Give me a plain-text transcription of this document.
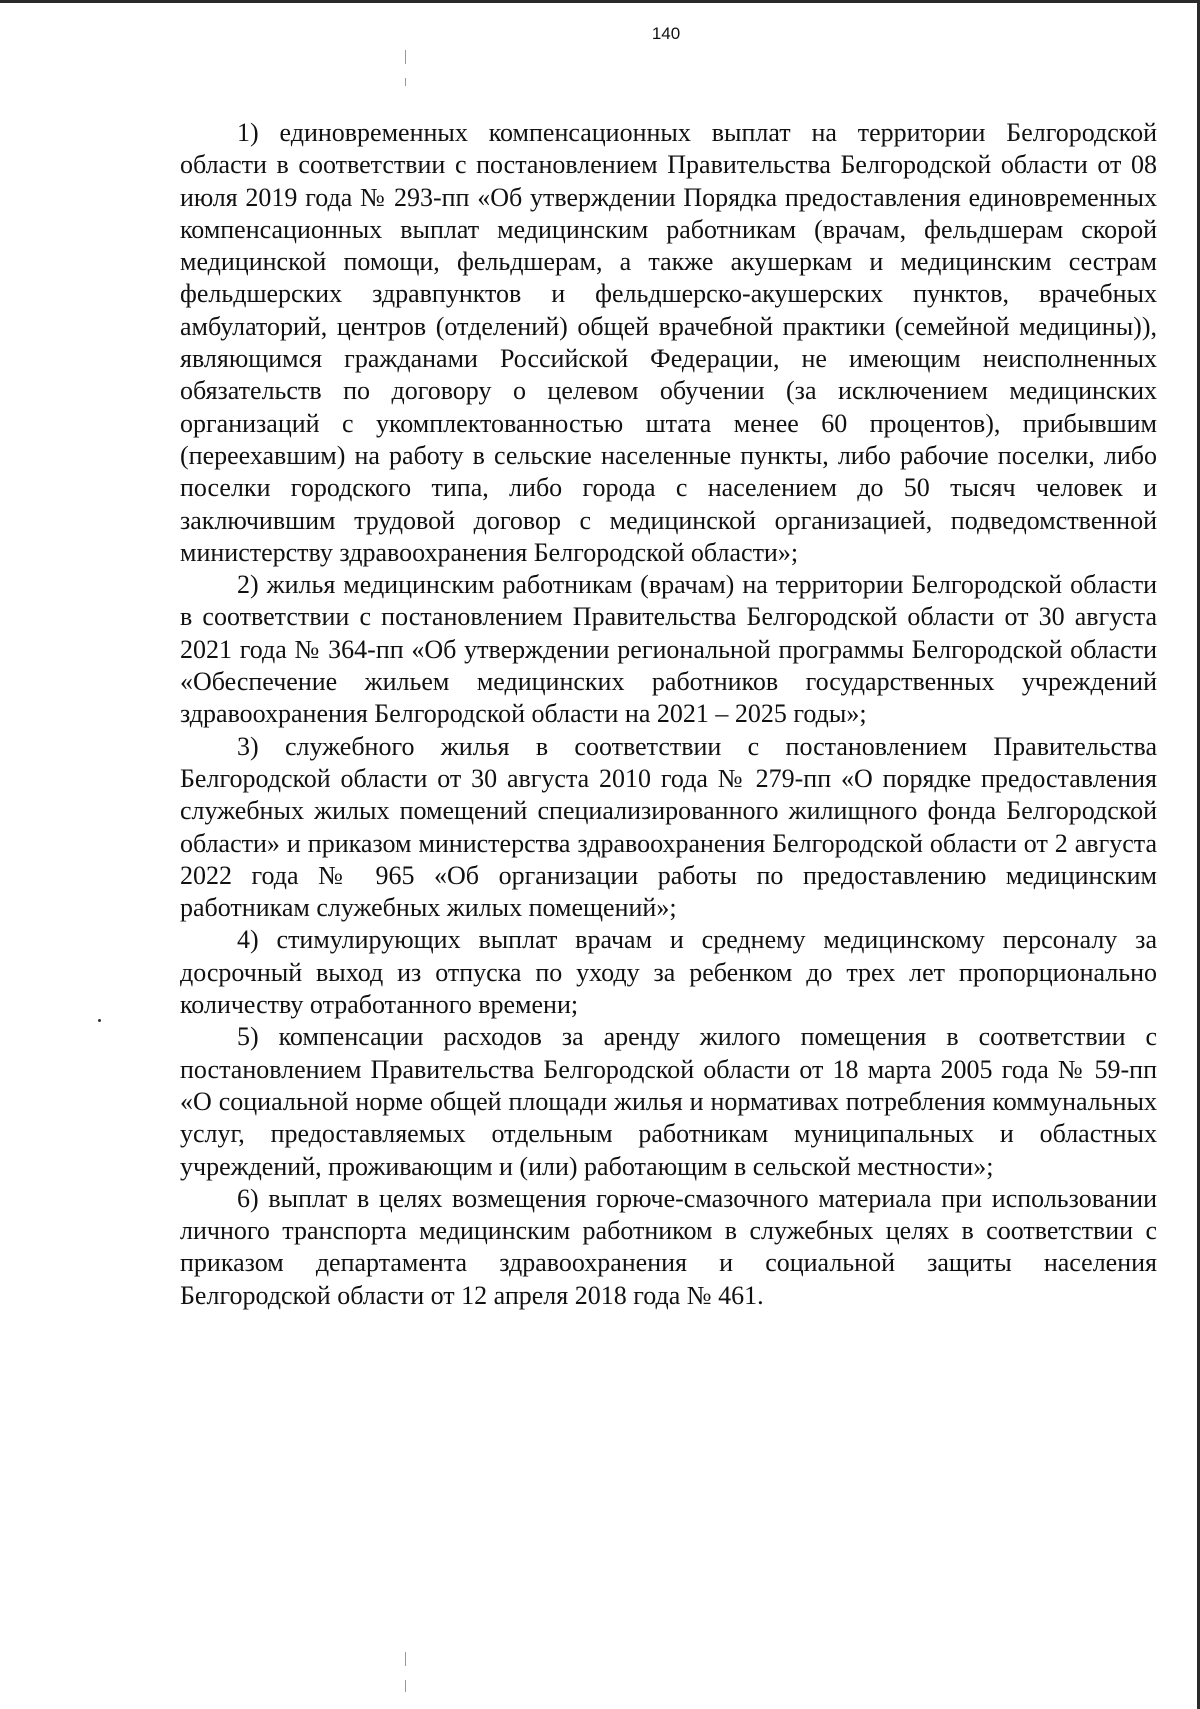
140

1) единовременных компенсационных выплат на территории Белгородской области в соответствии с постановлением Правительства Белгородской области от 08 июля 2019 года № 293-пп «Об утверждении Порядка предоставления единовременных компенсационных выплат медицинским работникам (врачам, фельдшерам скорой медицинской помощи, фельдшерам, а также акушеркам и медицинским сестрам фельдшерских здравпунктов и фельдшерско-акушерских пунктов, врачебных амбулаторий, центров (отделений) общей врачебной практики (семейной медицины)), являющимся гражданами Российской Федерации, не имеющим неисполненных обязательств по договору о целевом обучении (за исключением медицинских организаций с укомплектованностью штата менее 60 процентов), прибывшим (переехавшим) на работу в сельские населенные пункты, либо рабочие поселки, либо поселки городского типа, либо города с населением до 50 тысяч человек и заключившим трудовой договор с медицинской организацией, подведомственной министерству здравоохранения Белгородской области»;

2) жилья медицинским работникам (врачам) на территории Белгородской области в соответствии с постановлением Правительства Белгородской области от 30 августа 2021 года № 364-пп «Об утверждении региональной программы Белгородской области «Обеспечение жильем медицинских работников государственных учреждений здравоохранения Белгородской области на 2021 – 2025 годы»;

3) служебного жилья в соответствии с постановлением Правительства Белгородской области от 30 августа 2010 года № 279-пп «О порядке предоставления служебных жилых помещений специализированного жилищного фонда Белгородской области» и приказом министерства здравоохранения Белгородской области от 2 августа 2022 года № 965 «Об организации работы по предоставлению медицинским работникам служебных жилых помещений»;

4) стимулирующих выплат врачам и среднему медицинскому персоналу за досрочный выход из отпуска по уходу за ребенком до трех лет пропорционально количеству отработанного времени;

5) компенсации расходов за аренду жилого помещения в соответствии с постановлением Правительства Белгородской области от 18 марта 2005 года № 59-пп «О социальной норме общей площади жилья и нормативах потребления коммунальных услуг, предоставляемых отдельным работникам муниципальных и областных учреждений, проживающим и (или) работающим в сельской местности»;

6) выплат в целях возмещения горюче-смазочного материала при использовании личного транспорта медицинским работником в служебных целях в соответствии с приказом департамента здравоохранения и социальной защиты населения Белгородской области от 12 апреля 2018 года № 461.
